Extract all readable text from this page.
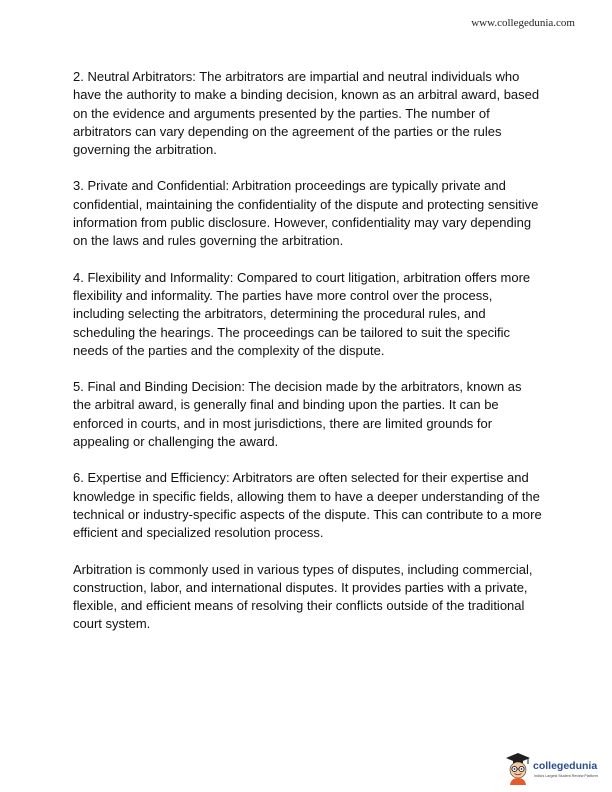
www.collegedunia.com

2. Neutral Arbitrators: The arbitrators are impartial and neutral individuals who have the authority to make a binding decision, known as an arbitral award, based on the evidence and arguments presented by the parties. The number of arbitrators can vary depending on the agreement of the parties or the rules governing the arbitration.

3. Private and Confidential: Arbitration proceedings are typically private and confidential, maintaining the confidentiality of the dispute and protecting sensitive information from public disclosure. However, confidentiality may vary depending on the laws and rules governing the arbitration.

4. Flexibility and Informality: Compared to court litigation, arbitration offers more flexibility and informality. The parties have more control over the process, including selecting the arbitrators, determining the procedural rules, and scheduling the hearings. The proceedings can be tailored to suit the specific needs of the parties and the complexity of the dispute.

5. Final and Binding Decision: The decision made by the arbitrators, known as the arbitral award, is generally final and binding upon the parties. It can be enforced in courts, and in most jurisdictions, there are limited grounds for appealing or challenging the award.

6. Expertise and Efficiency: Arbitrators are often selected for their expertise and knowledge in specific fields, allowing them to have a deeper understanding of the technical or industry-specific aspects of the dispute. This can contribute to a more efficient and specialized resolution process.

Arbitration is commonly used in various types of disputes, including commercial, construction, labor, and international disputes. It provides parties with a private, flexible, and efficient means of resolving their conflicts outside of the traditional court system.

collegedunia
India's Largest Student Review Platform
